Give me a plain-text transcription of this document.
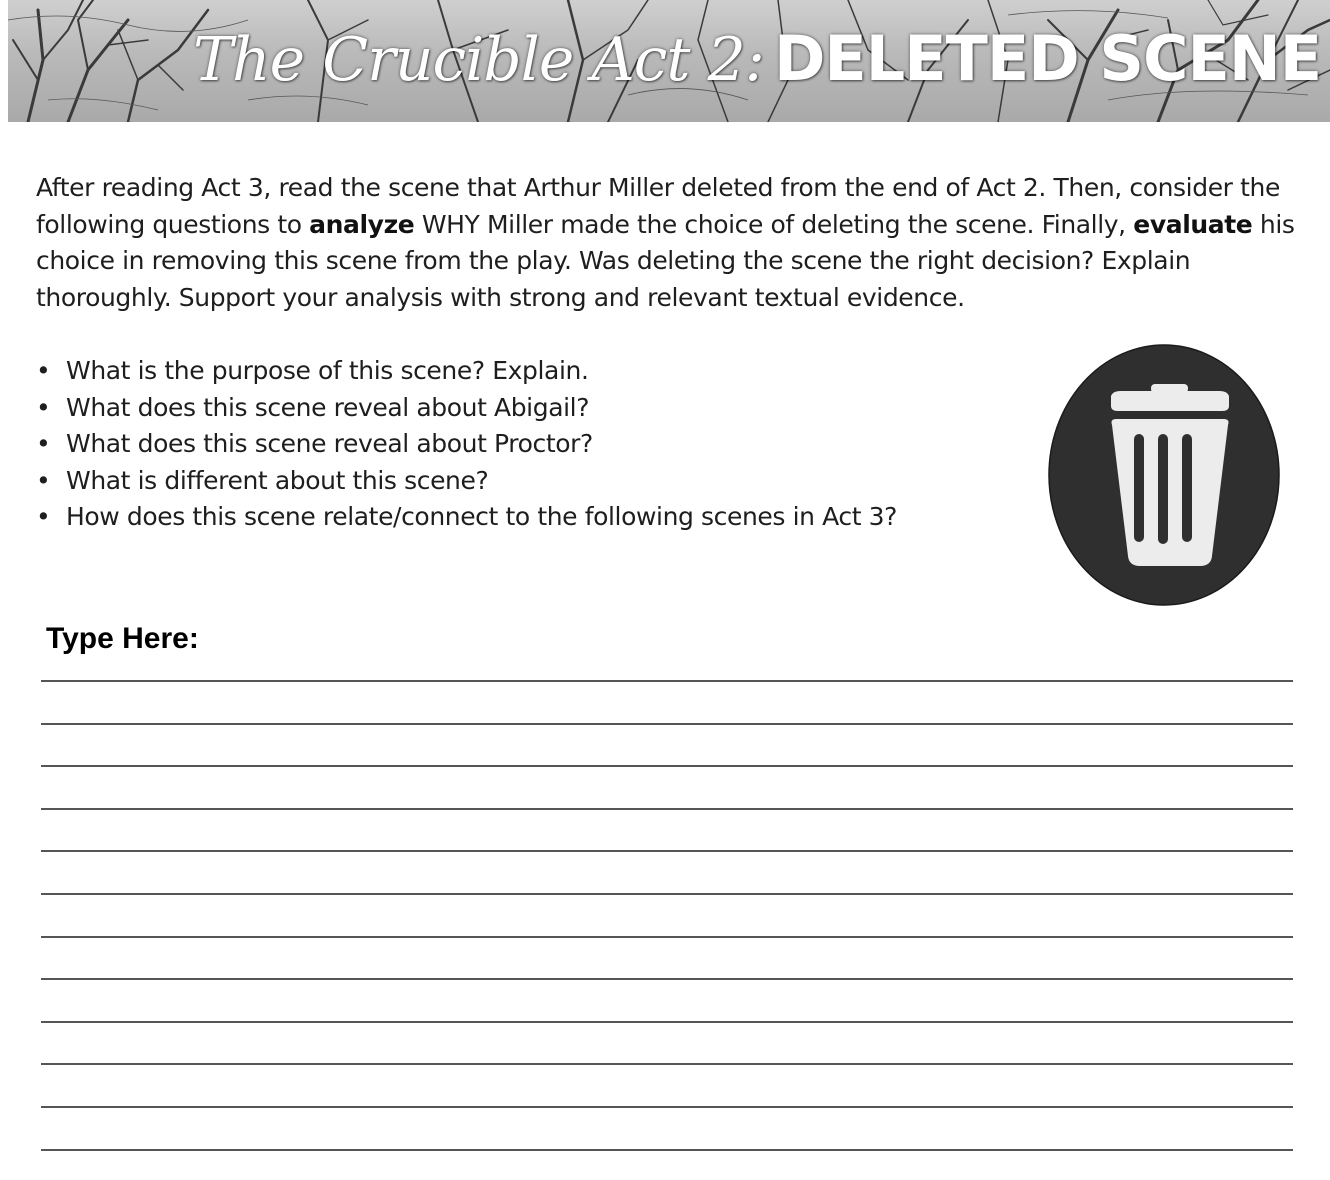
The Crucible Act 2: DELETED SCENE

After reading Act 3, read the scene that Arthur Miller deleted from the end of Act 2. Then, consider the following questions to analyze WHY Miller made the choice of deleting the scene. Finally, evaluate his choice in removing this scene from the play. Was deleting the scene the right decision? Explain thoroughly. Support your analysis with strong and relevant textual evidence.

• What is the purpose of this scene? Explain.
• What does this scene reveal about Abigail?
• What does this scene reveal about Proctor?
• What is different about this scene?
• How does this scene relate/connect to the following scenes in Act 3?
Type Here:
